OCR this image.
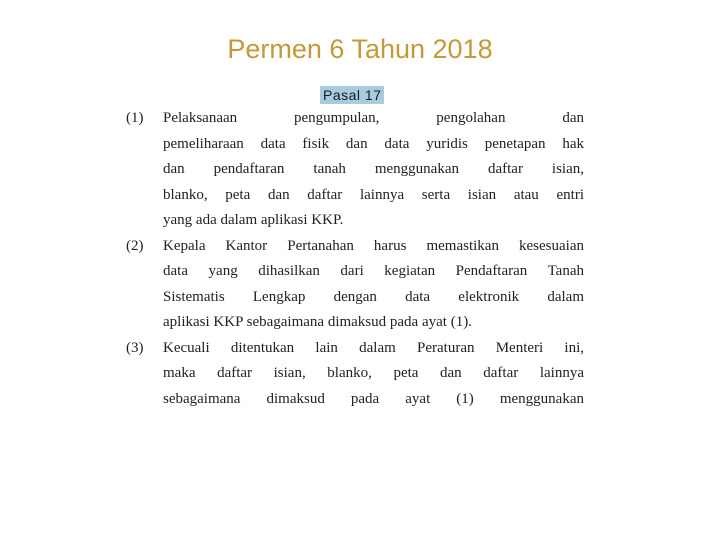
Permen 6 Tahun 2018
Pasal 17
(1)	Pelaksanaan pengumpulan, pengolahan dan
pemeliharaan data fisik dan data yuridis penetapan hak
dan pendaftaran tanah menggunakan daftar isian,
blanko, peta dan daftar lainnya serta isian atau entri
yang ada dalam aplikasi KKP.
(2)	Kepala Kantor Pertanahan harus memastikan kesesuaian
data yang dihasilkan dari kegiatan Pendaftaran Tanah
Sistematis Lengkap dengan data elektronik dalam
aplikasi KKP sebagaimana dimaksud pada ayat (1).
(3)	Kecuali ditentukan lain dalam Peraturan Menteri ini,
maka daftar isian, blanko, peta dan daftar lainnya
sebagaimana dimaksud pada ayat (1) menggunakan
